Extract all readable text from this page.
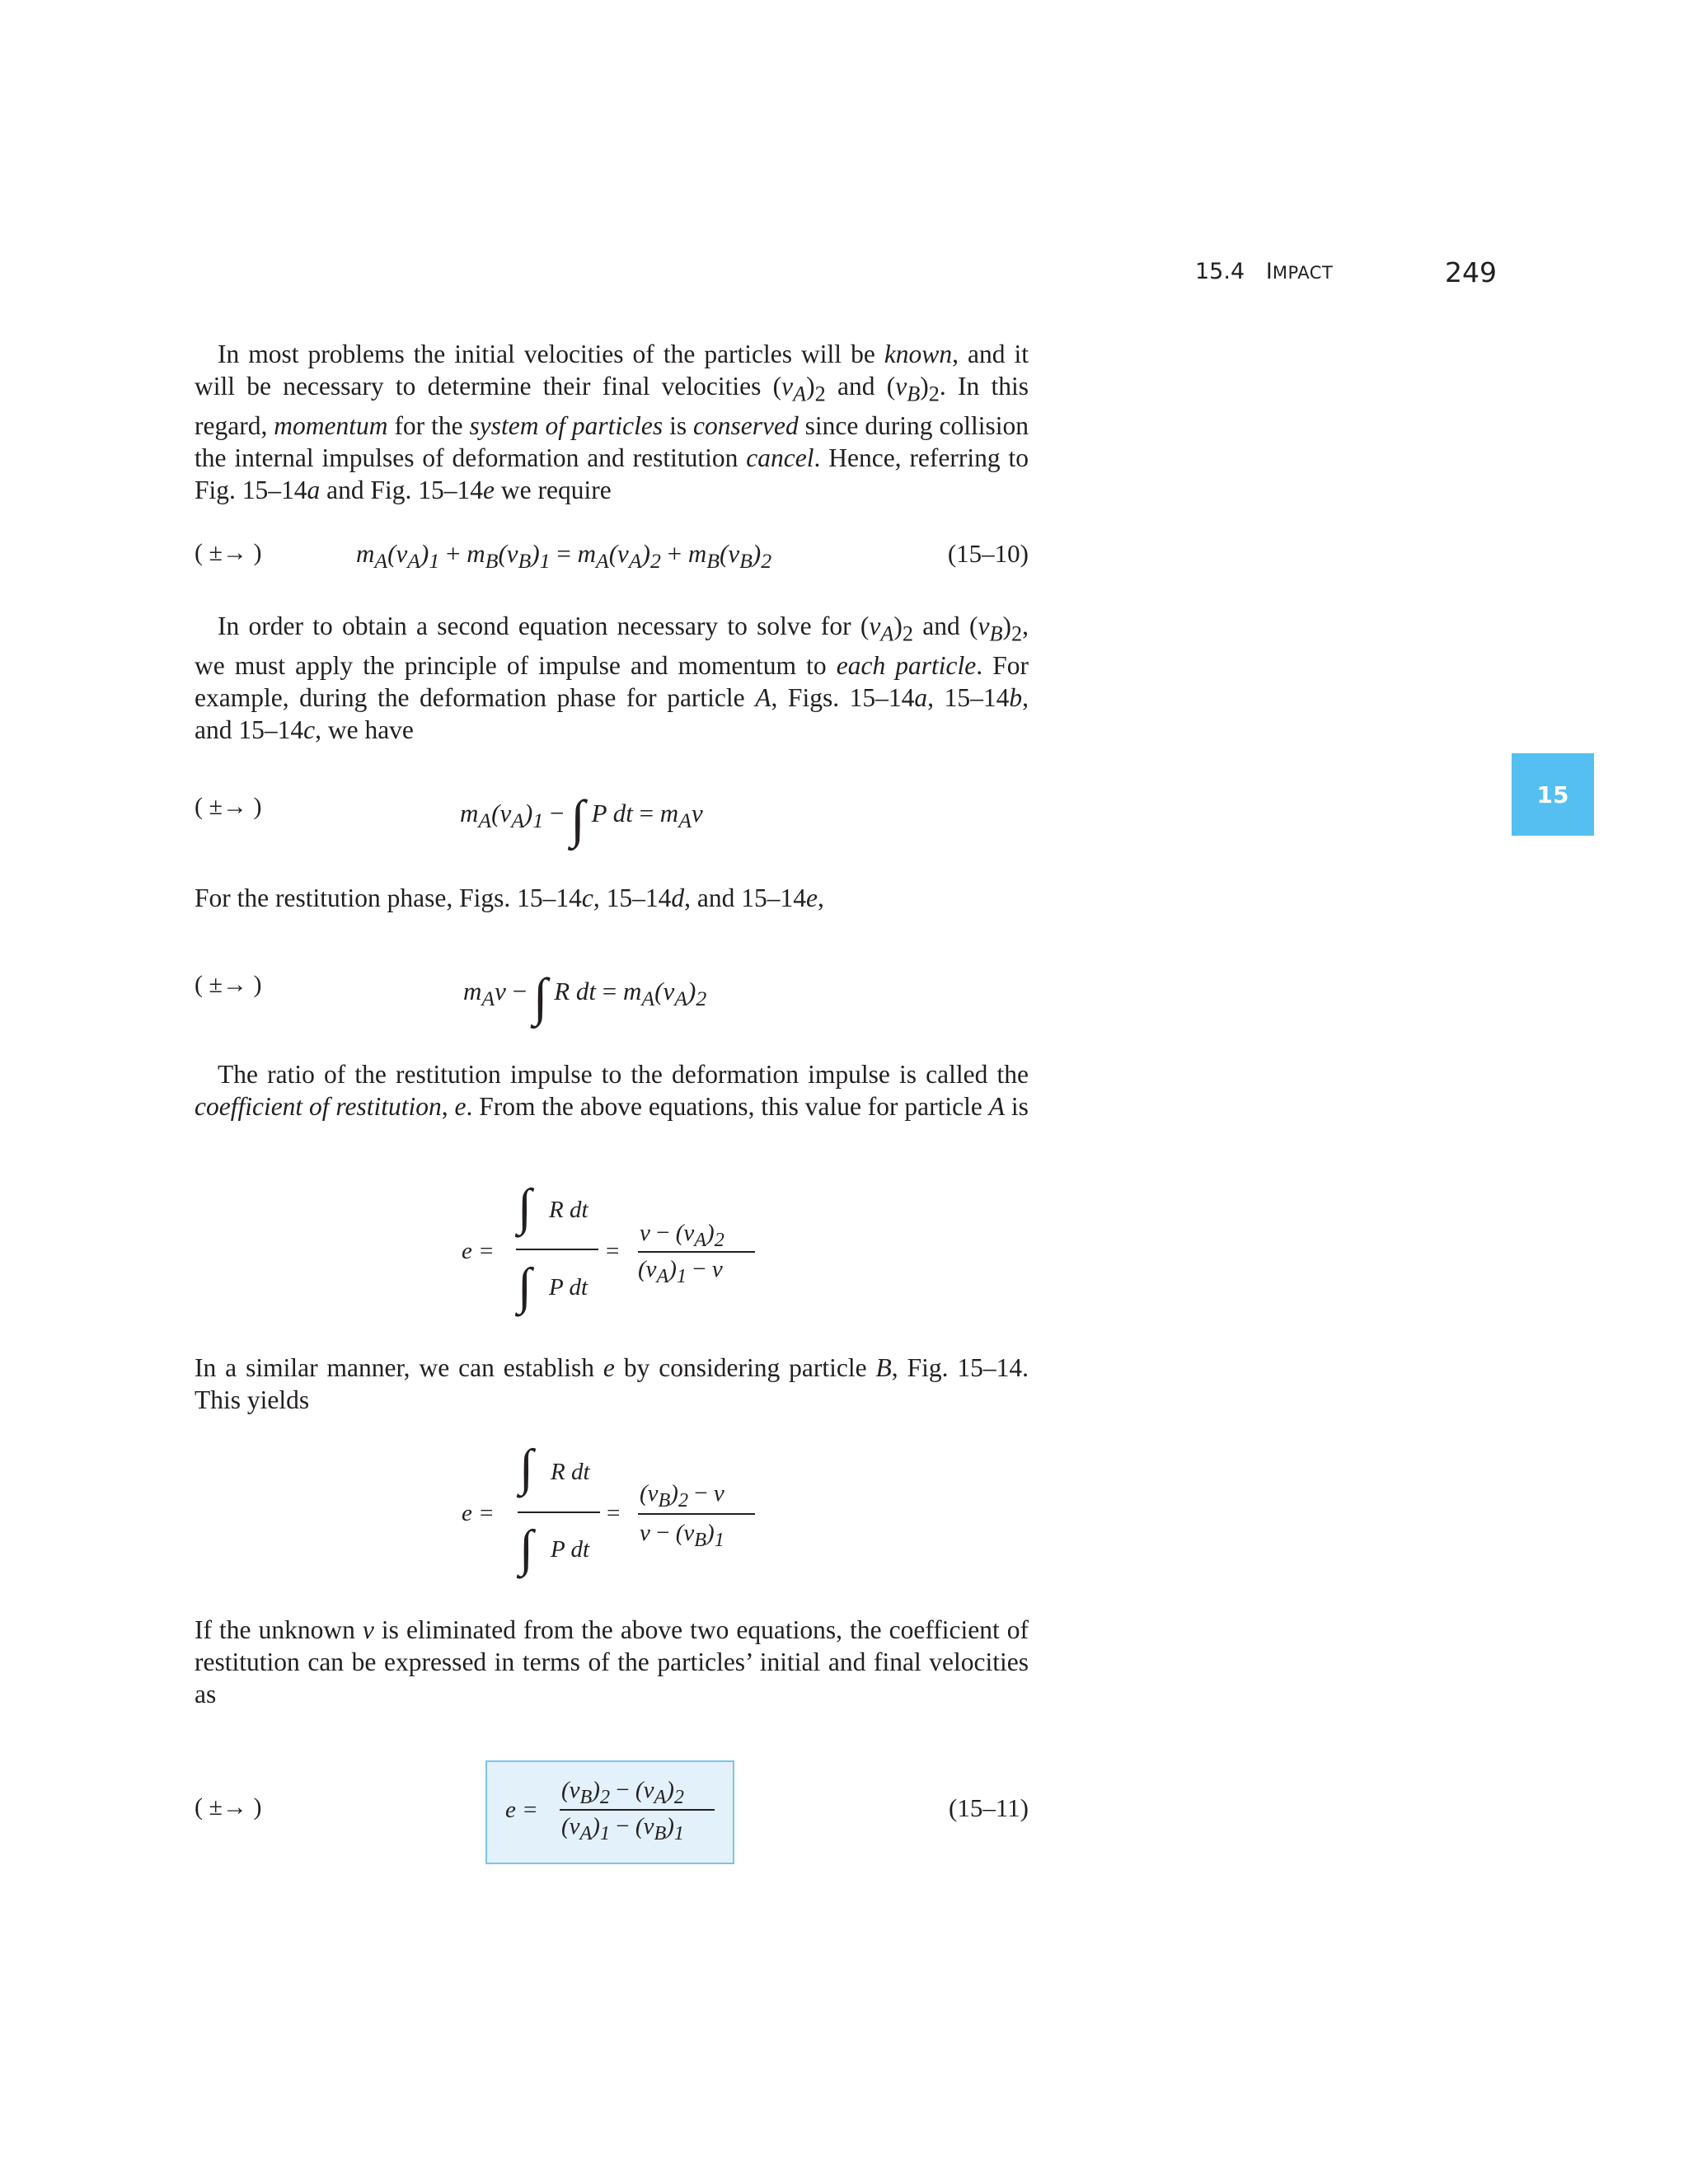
15.4 IMPACT	249
15

In most problems the initial velocities of the particles will be known, and it will be necessary to determine their final velocities $(v_A)_2$ and $(v_B)_2$. In this regard, momentum for the system of particles is conserved since during collision the internal impulses of deformation and restitution cancel. Hence, referring to Fig. 15–14a and Fig. 15–14e we require

( ±→ )	$m_A(v_A)_1 + m_B(v_B)_1 = m_A(v_A)_2 + m_B(v_B)_2$	(15–10)

In order to obtain a second equation necessary to solve for $(v_A)_2$ and $(v_B)_2$, we must apply the principle of impulse and momentum to each particle. For example, during the deformation phase for particle A, Figs. 15–14a, 15–14b, and 15–14c, we have

( ±→ )	$m_A(v_A)_1$ − ∫ P dt = $m_Av$

For the restitution phase, Figs. 15–14c, 15–14d, and 15–14e,

( ±→ )	$m_Av$ − ∫ R dt = $m_A(v_A)_2$

The ratio of the restitution impulse to the deformation impulse is called the coefficient of restitution, e. From the above equations, this value for particle A is

e =
∫ R dt
∫ P dt
=
$v - (v_A)_2$
$(v_A)_1 - v$

In a similar manner, we can establish e by considering particle B, Fig. 15–14. This yields

e =
∫ R dt
∫ P dt
=
$(v_B)_2 - v$
$v - (v_B)_1$

If the unknown v is eliminated from the above two equations, the coefficient of restitution can be expressed in terms of the particles’ initial and final velocities as

( ±→ )	(15–11)
e =
$(v_B)_2 - (v_A)_2$
$(v_A)_1 - (v_B)_1$
